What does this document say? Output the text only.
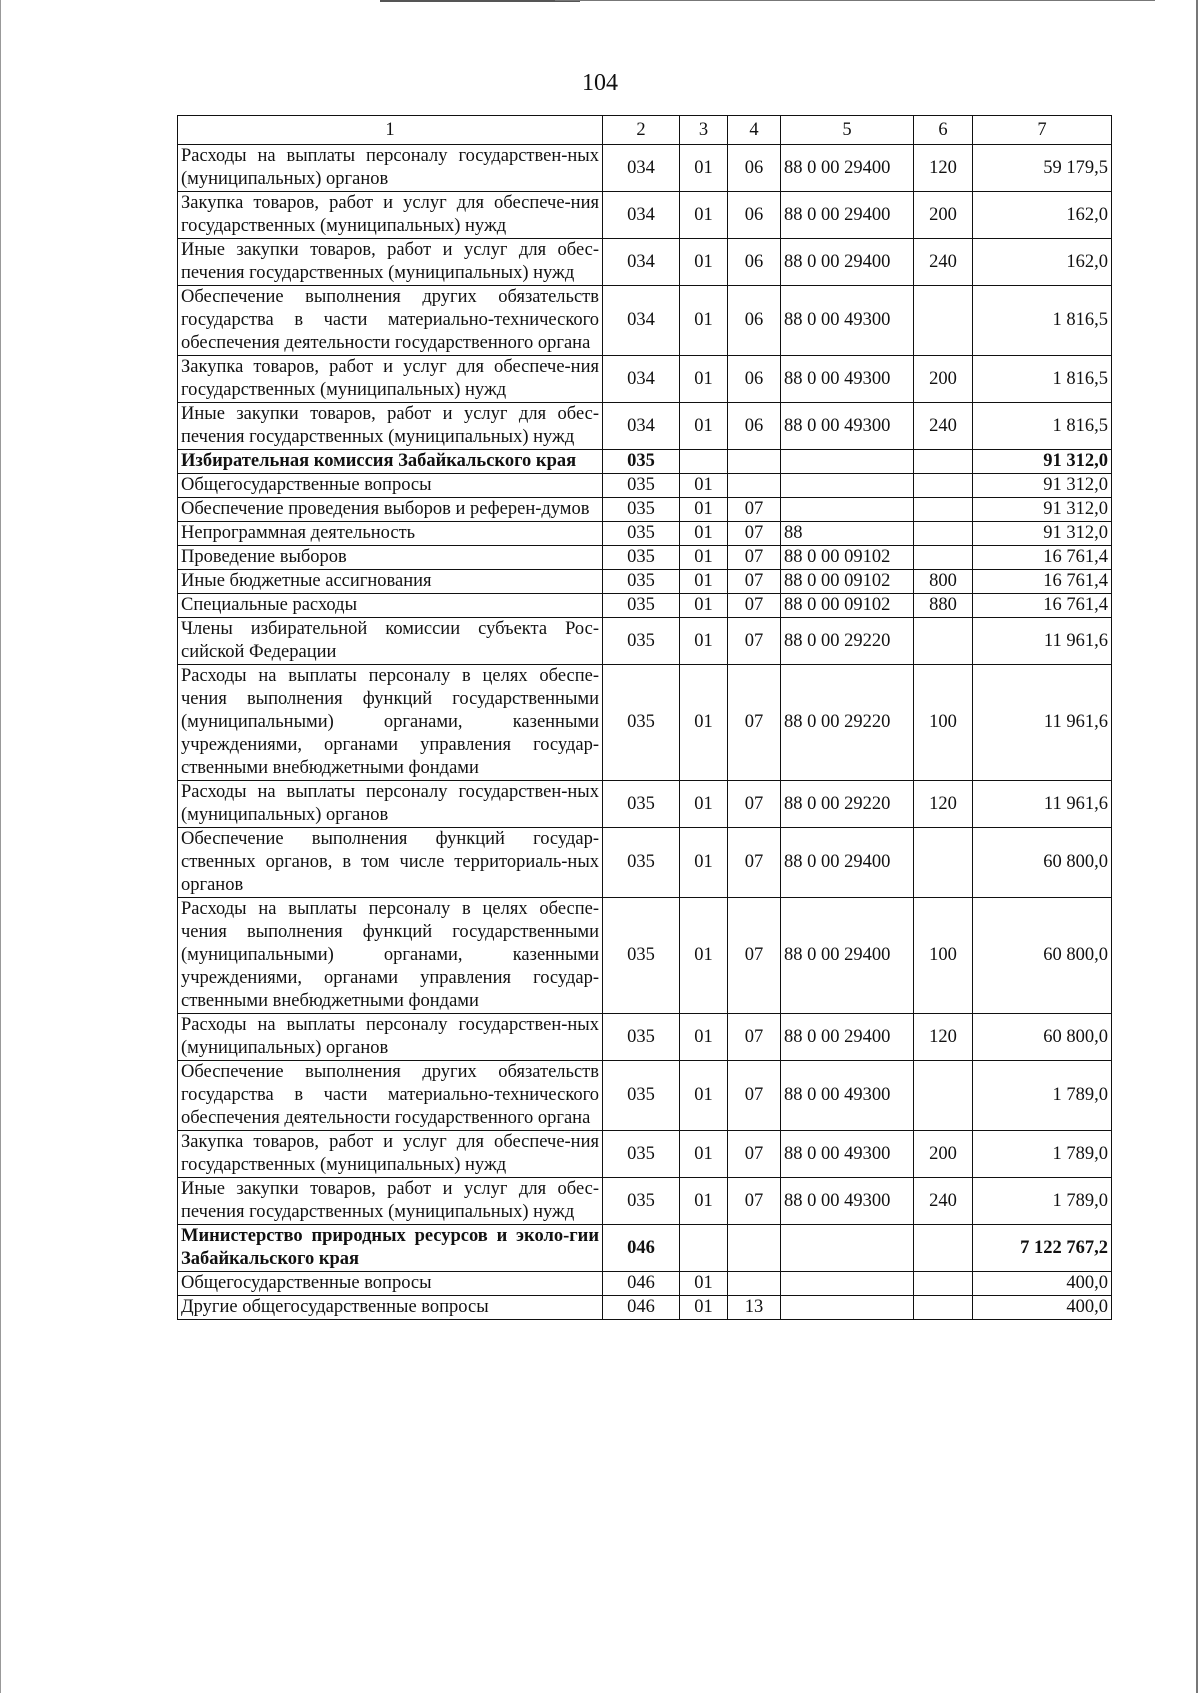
104
1	2	3	4	5	6	7
Расходы на выплаты персоналу государствен-ных (муниципальных) органов	034	01	06	88 0 00 29400	120	59 179,5
Закупка товаров, работ и услуг для обеспече-ния государственных (муниципальных) нужд	034	01	06	88 0 00 29400	200	162,0
Иные закупки товаров, работ и услуг для обес-печения государственных (муниципальных) нужд	034	01	06	88 0 00 29400	240	162,0
Обеспечение выполнения других обязательств государства в части материально-технического обеспечения деятельности государственного органа	034	01	06	88 0 00 49300		1 816,5
Закупка товаров, работ и услуг для обеспече-ния государственных (муниципальных) нужд	034	01	06	88 0 00 49300	200	1 816,5
Иные закупки товаров, работ и услуг для обес-печения государственных (муниципальных) нужд	034	01	06	88 0 00 49300	240	1 816,5
Избирательная комиссия Забайкальского края	035					91 312,0
Общегосударственные вопросы	035	01				91 312,0
Обеспечение проведения выборов и референ-думов	035	01	07			91 312,0
Непрограммная деятельность	035	01	07	88		91 312,0
Проведение выборов	035	01	07	88 0 00 09102		16 761,4
Иные бюджетные ассигнования	035	01	07	88 0 00 09102	800	16 761,4
Специальные расходы	035	01	07	88 0 00 09102	880	16 761,4
Члены избирательной комиссии субъекта Рос-сийской Федерации	035	01	07	88 0 00 29220		11 961,6
Расходы на выплаты персоналу в целях обеспе-чения выполнения функций государственными (муниципальными) органами, казенными учреждениями, органами управления государ-ственными внебюджетными фондами	035	01	07	88 0 00 29220	100	11 961,6
Расходы на выплаты персоналу государствен-ных (муниципальных) органов	035	01	07	88 0 00 29220	120	11 961,6
Обеспечение выполнения функций государ-ственных органов, в том числе территориаль-ных органов	035	01	07	88 0 00 29400		60 800,0
Расходы на выплаты персоналу в целях обеспе-чения выполнения функций государственными (муниципальными) органами, казенными учреждениями, органами управления государ-ственными внебюджетными фондами	035	01	07	88 0 00 29400	100	60 800,0
Расходы на выплаты персоналу государствен-ных (муниципальных) органов	035	01	07	88 0 00 29400	120	60 800,0
Обеспечение выполнения других обязательств государства в части материально-технического обеспечения деятельности государственного органа	035	01	07	88 0 00 49300		1 789,0
Закупка товаров, работ и услуг для обеспече-ния государственных (муниципальных) нужд	035	01	07	88 0 00 49300	200	1 789,0
Иные закупки товаров, работ и услуг для обес-печения государственных (муниципальных) нужд	035	01	07	88 0 00 49300	240	1 789,0
Министерство природных ресурсов и эколо-гии Забайкальского края	046					7 122 767,2
Общегосударственные вопросы	046	01				400,0
Другие общегосударственные вопросы	046	01	13			400,0
